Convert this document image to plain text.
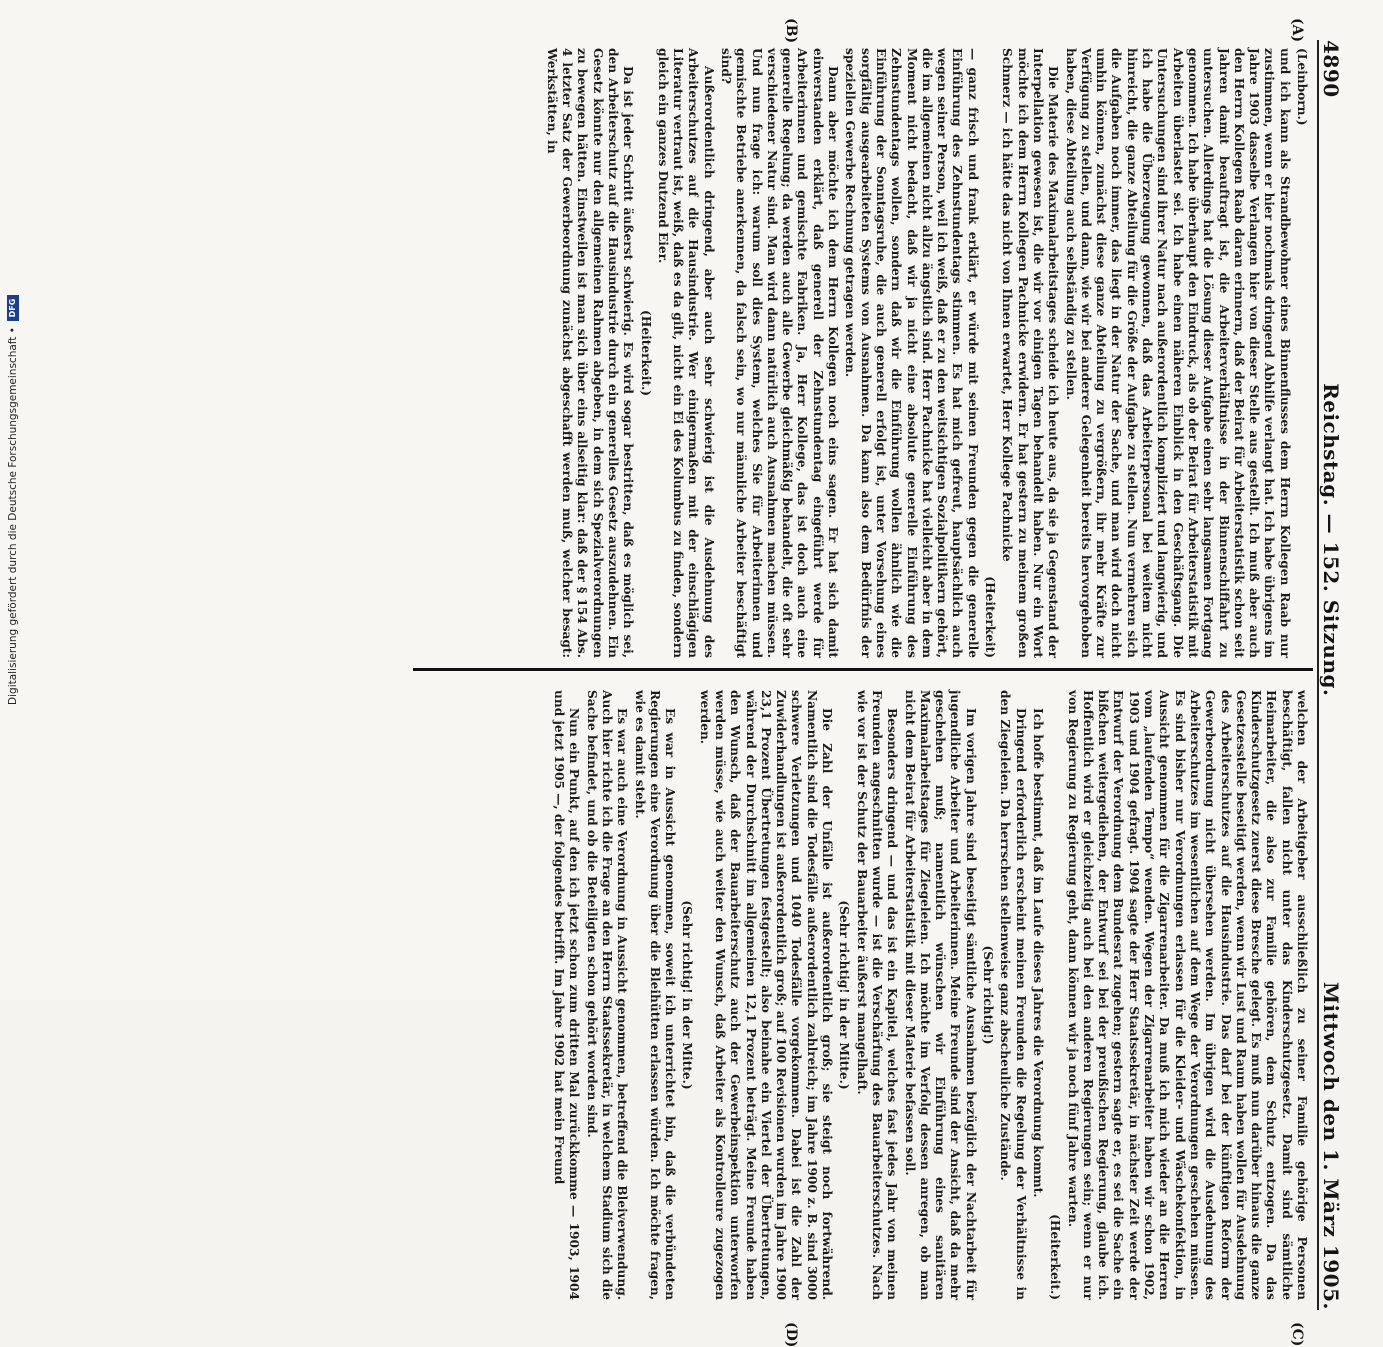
4890
Reichstag. — 152. Sitzung.
Mittwoch den 1. März 1905.
(A)
(B)
(C)
(D)

(Leinborn.)

und ich kann als Strandbewohner eines Binnenflusses dem Herrn Kollegen Raab nur zustimmen, wenn er hier nochmals dringend Abhilfe verlangt hat. Ich habe übrigens im Jahre 1903 dasselbe Verlangen hier von dieser Stelle aus gestellt. Ich muß aber auch den Herrn Kollegen Raab daran erinnern, daß der Beirat für Arbeiterstatistik schon seit Jahren damit beauftragt ist, die Arbeiterverhältnisse in der Binnenschiffahrt zu untersuchen. Allerdings hat die Lösung dieser Aufgabe einen sehr langsamen Fortgang genommen. Ich habe überhaupt den Eindruck, als ob der Beirat für Arbeiterstatistik mit Arbeiten überlastet sei. Ich habe einen näheren Einblick in den Geschäftsgang. Die Untersuchungen sind ihrer Natur nach außerordentlich kompliziert und langwierig, und ich habe die Überzeugung gewonnen, daß das Arbeiterpersonal bei weitem nicht hinreicht, die ganze Abteilung für die Größe der Aufgabe zu stellen. Nun vermehren sich die Aufgaben noch immer, das liegt in der Natur der Sache, und man wird doch nicht umhin können, zunächst diese ganze Abteilung zu vergrößern, ihr mehr Kräfte zur Verfügung zu stellen, und dann, wie wir bei anderer Gelegenheit bereits hervorgehoben haben, diese Abteilung auch selbständig zu stellen.

Die Materie des Maximalarbeitstages scheide ich heute aus, da sie ja Gegenstand der Interpellation gewesen ist, die wir vor einigen Tagen behandelt haben. Nur ein Wort möchte ich dem Herrn Kollegen Pachnicke erwidern. Er hat gestern zu meinem großen Schmerz — ich hätte das nicht von Ihnen erwartet, Herr Kollege Pachnicke

(Heiterkeit)

— ganz frisch und frank erklärt, er würde mit seinen Freunden gegen die generelle Einführung des Zehnstundentags stimmen. Es hat mich gefreut, hauptsächlich auch wegen seiner Person, weil ich weiß, daß er zu den weitsichtigen Sozialpolitikern gehört, die im allgemeinen nicht allzu ängstlich sind. Herr Pachnicke hat vielleicht aber in dem Moment nicht bedacht, daß wir ja nicht eine absolute generelle Einführung des Zehnstundentags wollen, sondern daß wir die Einführung wollen ähnlich wie die Einführung der Sonntagsruhe, die auch generell erfolgt ist, unter Vorsehung eines sorgfältig ausgearbeiteten Systems von Ausnahmen. Da kann also dem Bedürfnis der speziellen Gewerbe Rechnung getragen werden.

Dann aber möchte ich dem Herrn Kollegen noch eins sagen. Er hat sich damit einverstanden erklärt, daß generell der Zehnstundentag eingeführt werde für Arbeiterinnen und gemischte Fabriken. Ja, Herr Kollege, das ist doch auch eine generelle Regelung; da werden auch alle Gewerbe gleichmäßig behandelt, die oft sehr verschiedener Natur sind. Man wird dann natürlich auch Ausnahmen machen müssen. Und nun frage ich: warum soll dies System, welches Sie für Arbeiterinnen und gemischte Betriebe anerkennen, da falsch sein, wo nur männliche Arbeiter beschäftigt sind?

Außerordentlich dringend, aber auch sehr schwierig ist die Ausdehnung des Arbeiterschutzes auf die Hausindustrie. Wer einigermaßen mit der einschlägigen Literatur vertraut ist, weiß, daß es da gilt, nicht ein Ei des Kolumbus zu finden, sondern gleich ein ganzes Dutzend Eier.

(Heiterkeit.)

Da ist jeder Schritt äußerst schwierig. Es wird sogar bestritten, daß es möglich sei, den Arbeiterschutz auf die Hausindustrie durch ein generelles Gesetz auszudehnen. Ein Gesetz könnte nur den allgemeinen Rahmen abgeben, in dem sich Spezialverordnungen zu bewegen hätten. Einstweilen ist man sich über eins allseitig klar: daß der § 154 Abs. 4 letzter Satz der Gewerbeordnung zunächst abgeschafft werden muß, welcher besagt: Werkstätten, in

welchen der Arbeitgeber ausschließlich zu seiner Familie gehörige Personen beschäftigt, fallen nicht unter das Kinderschutzgesetz. Damit sind sämtliche Heimarbeiter, die also zur Familie gehören, dem Schutz entzogen. Da das Kinderschutzgesetz zuerst diese Bresche gelegt. Es muß nun darüber hinaus die ganze Gesetzesstelle beseitigt werden, wenn wir Lust und Raum haben wollen für Ausdehnung des Arbeiterschutzes auf die Hausindustrie. Das darf bei der künftigen Reform der Gewerbeordnung nicht übersehen werden. Im übrigen wird die Ausdehnung des Arbeiterschutzes im wesentlichen auf dem Wege der Verordnungen geschehen müssen. Es sind bisher nur Verordnungen erlassen für die Kleider- und Wäschekonfektion, in Aussicht genommen für die Zigarrenarbeiter. Da muß ich mich wieder an die Herren vom „laufenden Tempo“ wenden. Wegen der Zigarrenarbeiter haben wir schon 1902, 1903 und 1904 gefragt. 1904 sagte der Herr Staatssekretär, in nächster Zeit werde der Entwurf der Verordnung dem Bundesrat zugehen; gestern sagte er, es sei die Sache ein bißchen weitergediehen, der Entwurf sei bei der preußischen Regierung, glaube ich. Hoffentlich wird er gleichzeitig auch bei den anderen Regierungen sein; wenn er nur von Regierung zu Regierung geht, dann können wir ja noch fünf Jahre warten.

(Heiterkeit.)

Ich hoffe bestimmt, daß im Laufe dieses Jahres die Verordnung kommt.

Dringend erforderlich erscheint meinen Freunden die Regelung der Verhältnisse in den Ziegeleien. Da herrschen stellenweise ganz abscheuliche Zustände.

(Sehr richtig!)

Im vorigen Jahre sind beseitigt sämtliche Ausnahmen bezüglich der Nachtarbeit für jugendliche Arbeiter und Arbeiterinnen. Meine Freunde sind der Ansicht, daß da mehr geschehen muß; namentlich wünschen wir Einführung eines sanitären Maximalarbeitstages für Ziegeleien. Ich möchte im Verfolg dessen anregen, ob man nicht dem Beirat für Arbeiterstatistik mit dieser Materie befassen soll.

Besonders dringend — und das ist ein Kapitel, welches fast jedes Jahr von meinen Freunden angeschnitten wurde — ist die Verschärfung des Bauarbeiterschutzes. Nach wie vor ist der Schutz der Bauarbeiter äußerst mangelhaft.

(Sehr richtig! in der Mitte.)

Die Zahl der Unfälle ist außerordentlich groß; sie steigt noch fortwährend. Namentlich sind die Todesfälle außerordentlich zahlreich; im Jahre 1900 z. B. sind 3000 schwere Verletzungen und 1040 Todesfälle vorgekommen. Dabei ist die Zahl der Zuwiderhandlungen ist außerordentlich groß; auf 100 Revisionen wurden im Jahre 1900 23,1 Prozent Übertretungen festgestellt; also beinahe ein Viertel der Übertretungen, während der Durchschnitt im allgemeinen 12,1 Prozent beträgt. Meine Freunde haben den Wunsch, daß der Bauarbeiterschutz auch der Gewerbeinspektion unterworfen werden müsse, wie auch weiter den Wunsch, daß Arbeiter als Kontrolleure zugezogen werden.

(Sehr richtig! in der Mitte.)

Es war in Aussicht genommen, soweit ich unterrichtet bin, daß die verbündeten Regierungen eine Verordnung über die Bleihütten erlassen würden. Ich möchte fragen, wie es damit steht.

Es war auch eine Verordnung in Aussicht genommen, betreffend die Bleiverwendung. Auch hier richte ich die Frage an den Herrn Staatssekretär, in welchem Stadium sich die Sache befindet, und ob die Beteiligten schon gehört worden sind.

Nun ein Punkt, auf den ich jetzt schon zum dritten Mal zurückkomme — 1903, 1904 und jetzt 1905 —, der folgendes betrifft. Im Jahre 1902 hat mein Freund

Digitalisierung gefördert durch die Deutsche Forschungsgemeinschaft •
DFG
